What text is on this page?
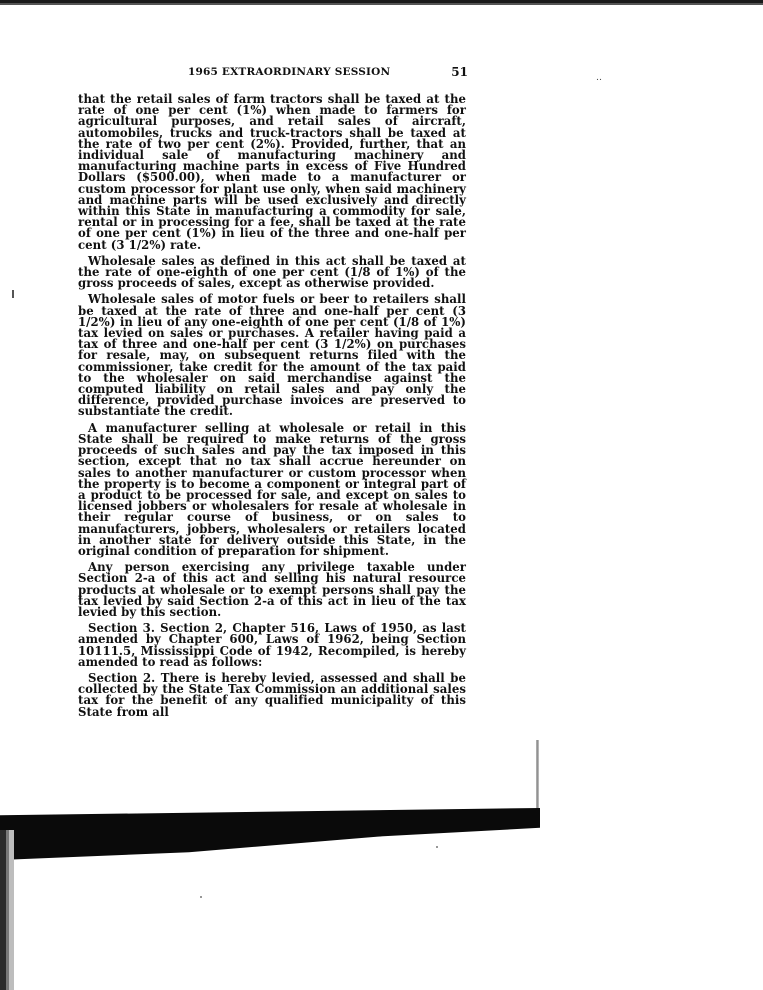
1965 EXTRAORDINARY SESSION	51	․․

that the retail sales of farm tractors shall be taxed at the rate of one per cent (1%) when made to farmers for agricultural purposes, and retail sales of aircraft, automobiles, trucks and truck-tractors shall be taxed at the rate of two per cent (2%). Provided, further, that an individual sale of manufacturing machinery and manufacturing machine parts in excess of Five Hundred Dollars ($500.00), when made to a manufacturer or custom processor for plant use only, when said machinery and machine parts will be used exclusively and directly within this State in manufacturing a commodity for sale, rental or in processing for a fee, shall be taxed at the rate of one per cent (1%) in lieu of the three and one-half per cent (3 1/2%) rate.

Wholesale sales as defined in this act shall be taxed at the rate of one-eighth of one per cent (1/8 of 1%) of the gross proceeds of sales, except as otherwise provided.

Wholesale sales of motor fuels or beer to retailers shall be taxed at the rate of three and one-half per cent (3 1/2%) in lieu of any one-eighth of one per cent (1/8 of 1%) tax levied on sales or purchases. A retailer having paid a tax of three and one-half per cent (3 1/2%) on purchases for resale, may, on subsequent returns filed with the commissioner, take credit for the amount of the tax paid to the wholesaler on said merchandise against the computed liability on retail sales and pay only the difference, provided purchase invoices are preserved to substantiate the credit.

A manufacturer selling at wholesale or retail in this State shall be required to make returns of the gross proceeds of such sales and pay the tax imposed in this section, except that no tax shall accrue hereunder on sales to another manufacturer or custom processor when the property is to become a component or integral part of a product to be processed for sale, and except on sales to licensed jobbers or wholesalers for resale at wholesale in their regular course of business, or on sales to manufacturers, jobbers, wholesalers or retailers located in another state for delivery outside this State, in the original condition of preparation for shipment.

Any person exercising any privilege taxable under Section 2-a of this act and selling his natural resource products at wholesale or to exempt persons shall pay the tax levied by said Section 2-a of this act in lieu of the tax levied by this section.

Section 3. Section 2, Chapter 516, Laws of 1950, as last amended by Chapter 600, Laws of 1962, being Section 10111.5, Mississippi Code of 1942, Recompiled, is hereby amended to read as follows:

Section 2. There is hereby levied, assessed and shall be collected by the State Tax Commission an additional sales tax for the benefit of any qualified municipality of this State from all
